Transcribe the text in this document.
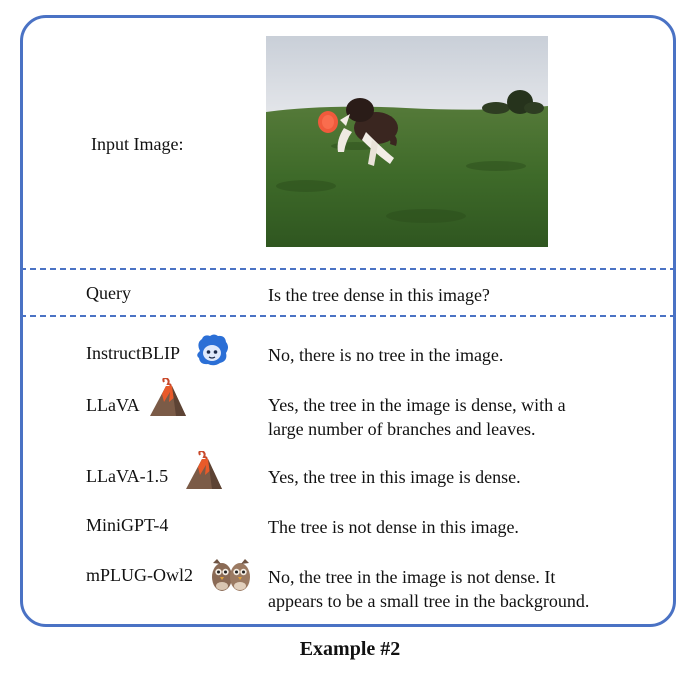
Input Image:
Query	Is the tree dense in this image?
InstructBLIP	No, there is no tree in the image.
LLaVA	Yes, the tree in the image is dense, with a
large number of branches and leaves.
LLaVA-1.5	Yes, the tree in this image is dense.
MiniGPT-4	The tree is not dense in this image.
mPLUG-Owl2	No, the tree in the image is not dense. It
appears to be a small tree in the background.
Example #2
